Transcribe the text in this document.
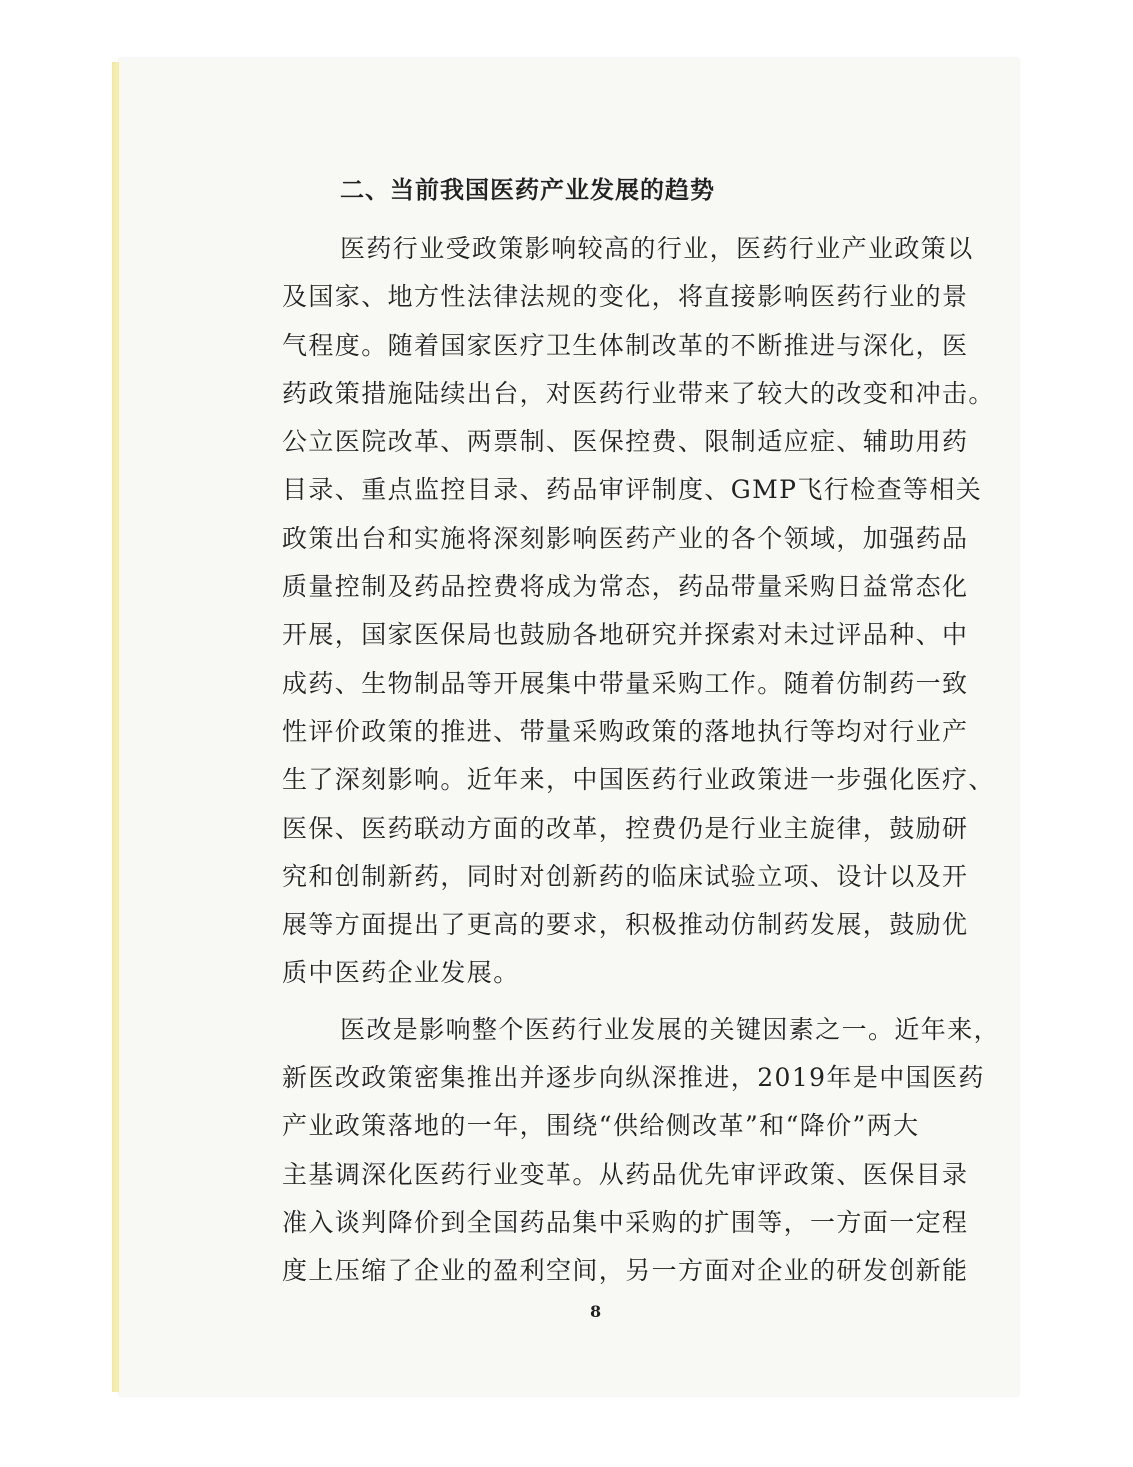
二、当前我国医药产业发展的趋势
医药行业受政策影响较高的行业，医药行业产业政策以
及国家、地方性法律法规的变化，将直接影响医药行业的景
气程度。随着国家医疗卫生体制改革的不断推进与深化，医
药政策措施陆续出台，对医药行业带来了较大的改变和冲击。
公立医院改革、两票制、医保控费、限制适应症、辅助用药
目录、重点监控目录、药品审评制度、GMP飞行检查等相关
政策出台和实施将深刻影响医药产业的各个领域，加强药品
质量控制及药品控费将成为常态，药品带量采购日益常态化
开展，国家医保局也鼓励各地研究并探索对未过评品种、中
成药、生物制品等开展集中带量采购工作。随着仿制药一致
性评价政策的推进、带量采购政策的落地执行等均对行业产
生了深刻影响。近年来，中国医药行业政策进一步强化医疗、
医保、医药联动方面的改革，控费仍是行业主旋律，鼓励研
究和创制新药，同时对创新药的临床试验立项、设计以及开
展等方面提出了更高的要求，积极推动仿制药发展，鼓励优
质中医药企业发展。
医改是影响整个医药行业发展的关键因素之一。近年来，
新医改政策密集推出并逐步向纵深推进，2019年是中国医药
产业政策落地的一年，围绕“供给侧改革”和“降价”两大
主基调深化医药行业变革。从药品优先审评政策、医保目录
准入谈判降价到全国药品集中采购的扩围等，一方面一定程
度上压缩了企业的盈利空间，另一方面对企业的研发创新能
8
